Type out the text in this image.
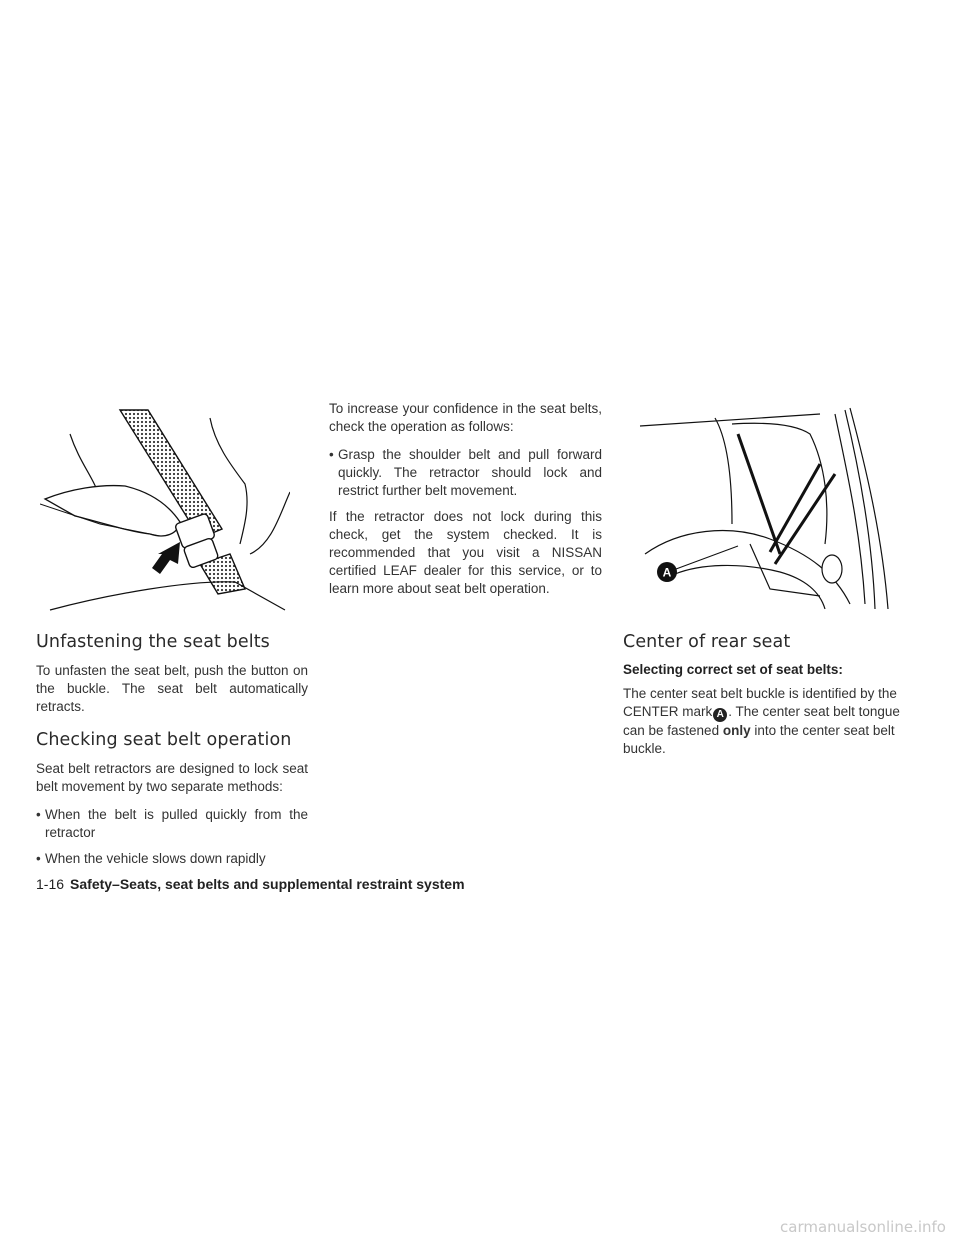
A
Unfastening the seat belts

To unfasten the seat belt, push the button on the buckle. The seat belt automatically retracts.

Checking seat belt operation

Seat belt retractors are designed to lock seat belt movement by two separate methods:

• When the belt is pulled quickly from the retractor
• When the vehicle slows down rapidly

To increase your confidence in the seat belts, check the operation as follows:

• Grasp the shoulder belt and pull forward quickly. The retractor should lock and restrict further belt movement.

If the retractor does not lock during this check, get the system checked. It is recommended that you visit a NISSAN certified LEAF dealer for this service, or to learn more about seat belt operation.

Center of rear seat
Selecting correct set of seat belts:

The center seat belt buckle is identified by the CENTER mark A . The center seat belt tongue can be fastened only into the center seat belt buckle.

1-16 Safety–Seats, seat belts and supplemental restraint system
carmanualsonline.info
